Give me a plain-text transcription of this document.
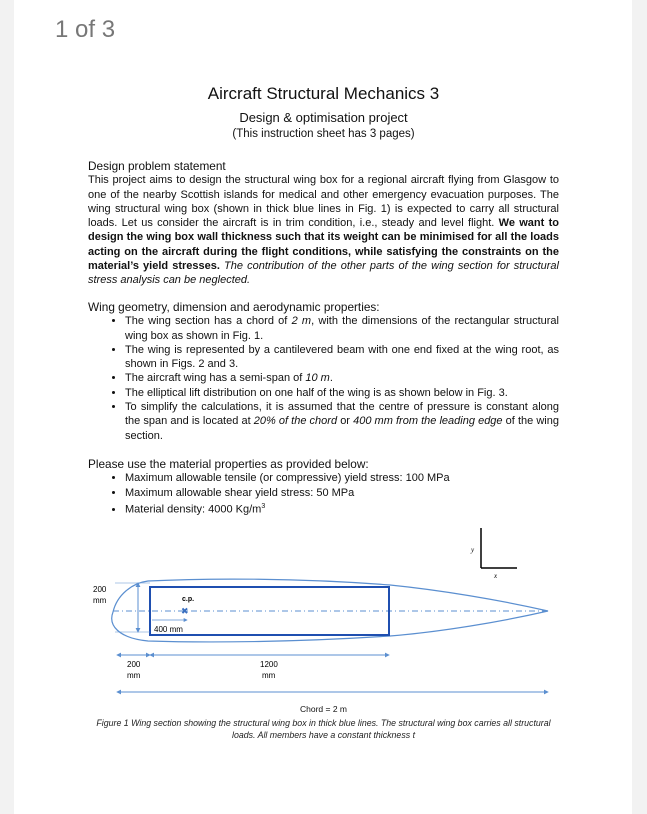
1 of 3
Aircraft Structural Mechanics 3
Design & optimisation project
(This instruction sheet has 3 pages)
Design problem statement

This project aims to design the structural wing box for a regional aircraft flying from Glasgow to one of the nearby Scottish islands for medical and other emergency evacuation purposes. The wing structural wing box (shown in thick blue lines in Fig. 1) is expected to carry all structural loads. Let us consider the aircraft is in trim condition, i.e., steady and level flight. We want to design the wing box wall thickness such that its weight can be minimised for all the loads acting on the aircraft during the flight conditions, while satisfying the constraints on the material’s yield stresses. The contribution of the other parts of the wing section for structural stress analysis can be neglected.

Wing geometry, dimension and aerodynamic properties:
• The wing section has a chord of 2 m, with the dimensions of the rectangular structural wing box as shown in Fig. 1.
• The wing is represented by a cantilevered beam with one end fixed at the wing root, as shown in Figs. 2 and 3.
• The aircraft wing has a semi-span of 10 m.
• The elliptical lift distribution on one half of the wing is as shown below in Fig. 3.
• To simplify the calculations, it is assumed that the centre of pressure is constant along the span and is located at 20% of the chord or 400 mm from the leading edge of the wing section.
Please use the material properties as provided below:
• Maximum allowable tensile (or compressive) yield stress: 100 MPa
• Maximum allowable shear yield stress: 50 MPa
• Material density: 4000 $Kg/m^3$
y
x
200
mm	c.p.
✖
400 mm
200
mm
1200
mm
Chord = 2 m
Figure 1 Wing section showing the structural wing box in thick blue lines. The structural wing box carries all structural loads. All members have a constant thickness t
